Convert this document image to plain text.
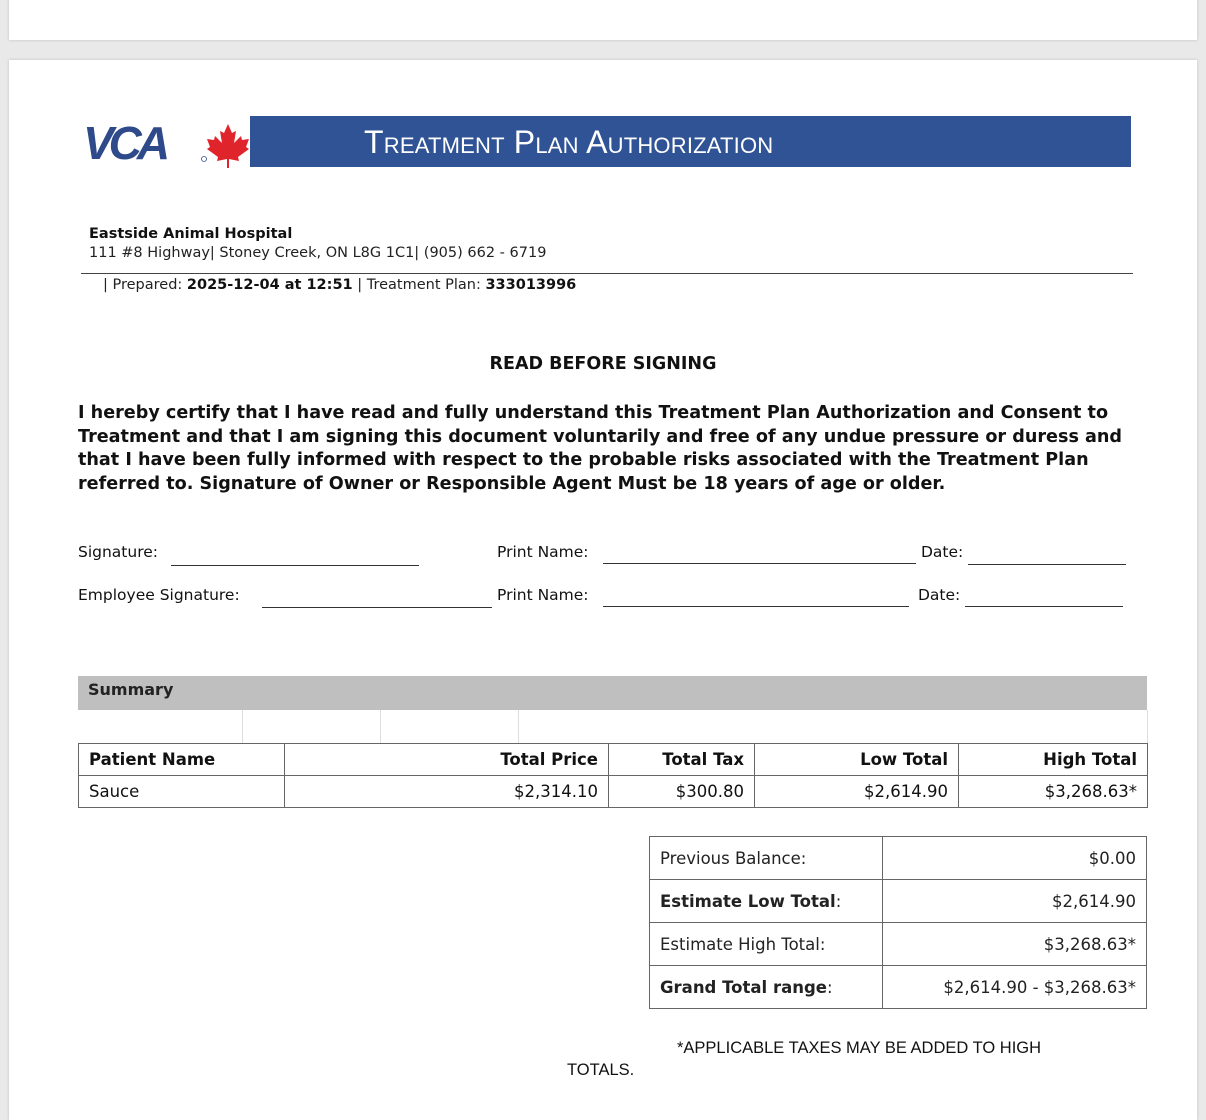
VCA	Treatment Plan Authorization
Eastside Animal Hospital
111 #8 Highway| Stoney Creek, ON L8G 1C1| (905) 662 - 6719
| Prepared: 2025-12-04 at 12:51 | Treatment Plan: 333013996
READ BEFORE SIGNING
I hereby certify that I have read and fully understand this Treatment Plan Authorization and Consent to Treatment and that I am signing this document voluntarily and free of any undue pressure or duress and that I have been fully informed with respect to the probable risks associated with the Treatment Plan referred to. Signature of Owner or Responsible Agent Must be 18 years of age or older.
Signature:	Print Name:	Date:
Employee Signature:	Print Name:	Date:
Summary
Patient Name	Total Price	Total Tax	Low Total	High Total
Sauce	$2,314.10	$300.80	$2,614.90	$3,268.63*
Previous Balance:	$0.00
Estimate Low Total:	$2,614.90
Estimate High Total:	$3,268.63*
Grand Total range:	$2,614.90 - $3,268.63*
*APPLICABLE TAXES MAY BE ADDED TO HIGH
TOTALS.
